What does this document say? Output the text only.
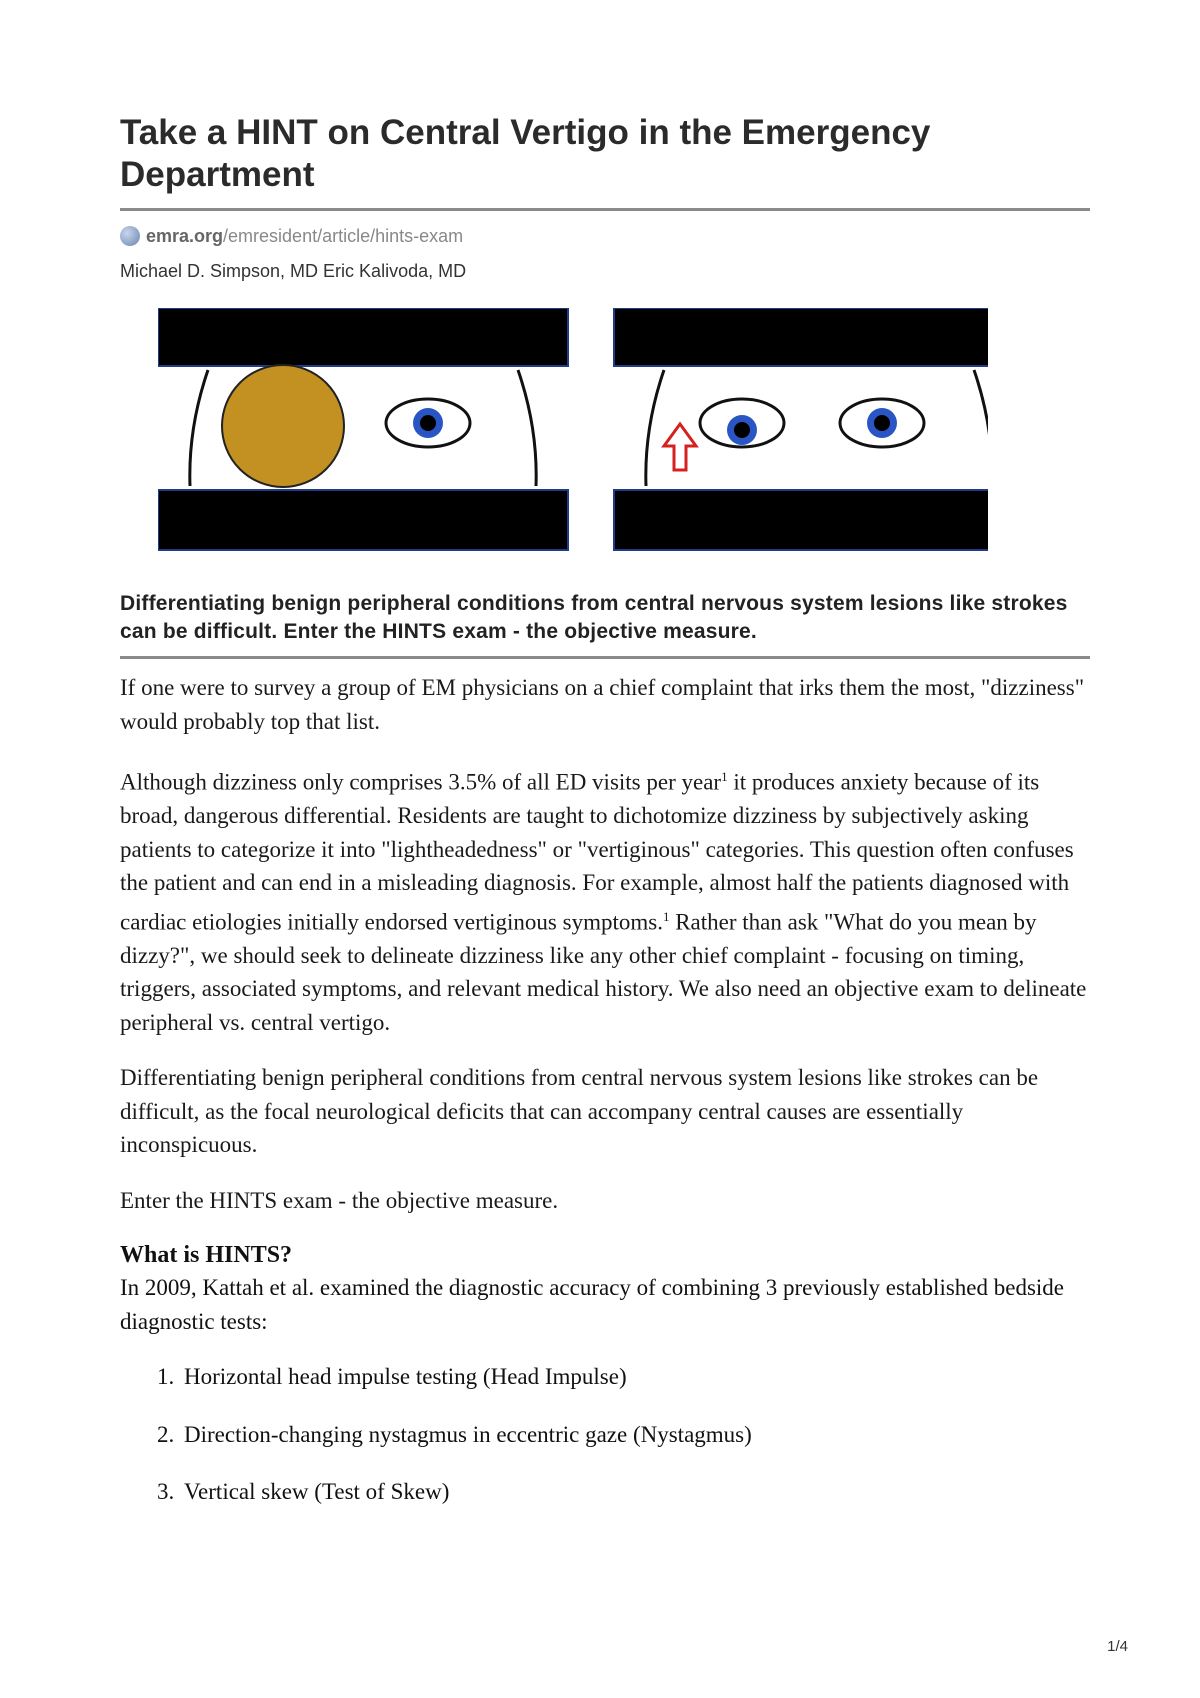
Take a HINT on Central Vertigo in the Emergency Department
emra.org/emresident/article/hints-exam
Michael D. Simpson, MD Eric Kalivoda, MD
Differentiating benign peripheral conditions from central nervous system lesions like strokes can be difficult. Enter the HINTS exam - the objective measure.

If one were to survey a group of EM physicians on a chief complaint that irks them the most, "dizziness" would probably top that list.

Although dizziness only comprises 3.5% of all ED visits per year$^1$ it produces anxiety because of its broad, dangerous differential. Residents are taught to dichotomize dizziness by subjectively asking patients to categorize it into "lightheadedness" or "vertiginous" categories. This question often confuses the patient and can end in a misleading diagnosis. For example, almost half the patients diagnosed with cardiac etiologies initially endorsed vertiginous symptoms.$^1$ Rather than ask "What do you mean by dizzy?", we should seek to delineate dizziness like any other chief complaint - focusing on timing, triggers, associated symptoms, and relevant medical history. We also need an objective exam to delineate peripheral vs. central vertigo.

Differentiating benign peripheral conditions from central nervous system lesions like strokes can be difficult, as the focal neurological deficits that can accompany central causes are essentially inconspicuous.

Enter the HINTS exam - the objective measure.

What is HINTS?

In 2009, Kattah et al. examined the diagnostic accuracy of combining 3 previously established bedside diagnostic tests:

1. Horizontal head impulse testing (Head Impulse)
2. Direction-changing nystagmus in eccentric gaze (Nystagmus)
3. Vertical skew (Test of Skew)
1/4
